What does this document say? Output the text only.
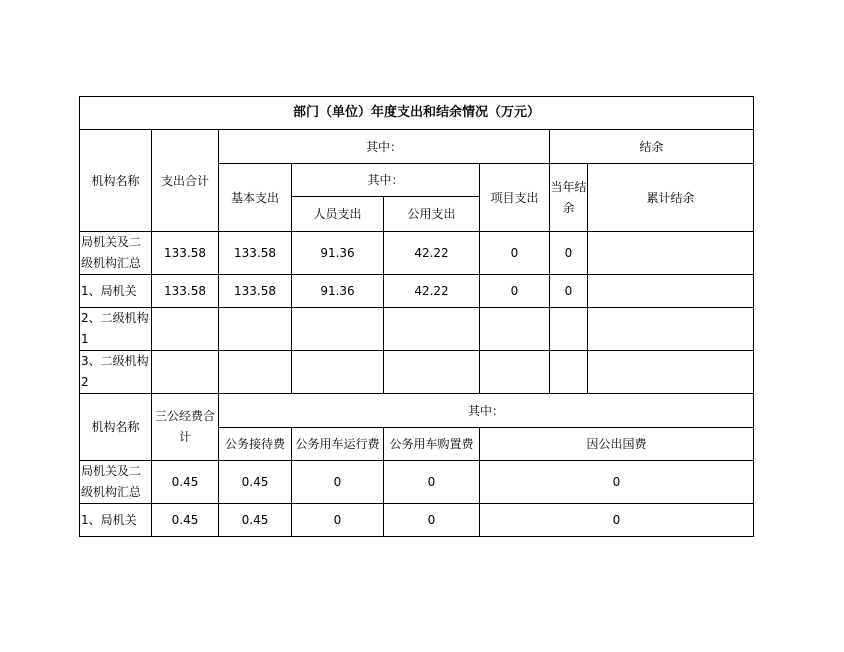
部门（单位）年度支出和结余情况（万元）							
机构名称	支出合计	其中：				结余	
		基本支出	其中：		项目支出	当年结余	累计结余
			人员支出	公用支出			
局机关及二级机构汇总	133.58	133.58	91.36	42.22	0	0	
1、局机关	133.58	133.58	91.36	42.22	0	0	
2、二级机构1							
3、二级机构2							
机构名称	三公经费合计	其中：					
		公务接待费	公务用车运行费	公务用车购置费	因公出国费		
局机关及二级机构汇总	0.45	0.45	0	0	0		
1、局机关	0.45	0.45	0	0	0		
